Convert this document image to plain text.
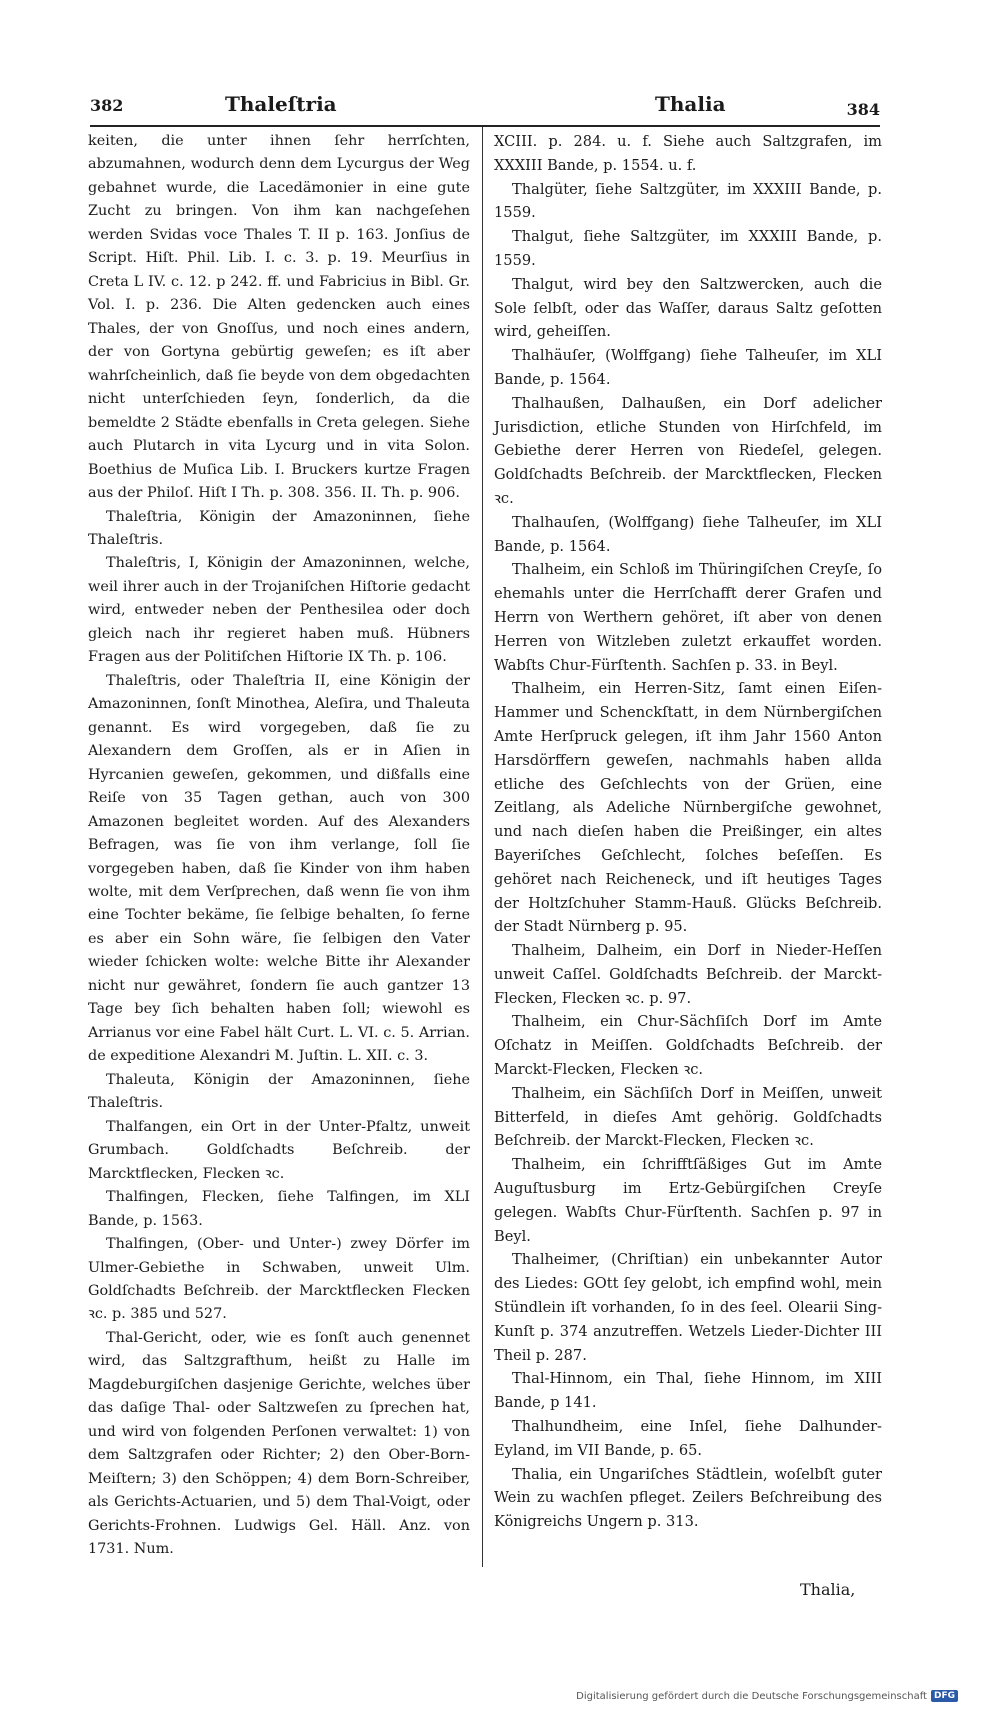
382	Thaleſtria	Thalia	384

keiten, die unter ihnen ſehr herrſchten, abzumahnen, wodurch denn dem Lycurgus der Weg gebahnet wurde, die Lacedämonier in eine gute Zucht zu bringen. Von ihm kan nachgeſehen werden Svidas voce Thales T. II p. 163. Jonſius de Script. Hiſt. Phil. Lib. I. c. 3. p. 19. Meurſius in Creta L IV. c. 12. p 242. ff. und Fabricius in Bibl. Gr. Vol. I. p. 236. Die Alten gedencken auch eines Thales, der von Gnoſſus, und noch eines andern, der von Gortyna gebürtig geweſen; es iſt aber wahrſcheinlich, daß ſie beyde von dem obgedachten nicht unterſchieden ſeyn, ſonderlich, da die bemeldte 2 Städte ebenfalls in Creta gelegen. Siehe auch Plutarch in vita Lycurg und in vita Solon. Boethius de Muſica Lib. I. Bruckers kurtze Fragen aus der Philoſ. Hiſt I Th. p. 308. 356. II. Th. p. 906.

Thaleſtria, Königin der Amazoninnen, ſiehe Thaleſtris.

Thaleſtris, I, Königin der Amazoninnen, welche, weil ihrer auch in der Trojaniſchen Hiſtorie gedacht wird, entweder neben der Penthesilea oder doch gleich nach ihr regieret haben muß. Hübners Fragen aus der Politiſchen Hiſtorie IX Th. p. 106.

Thaleſtris, oder Thaleſtria II, eine Königin der Amazoninnen, ſonſt Minothea, Aleſira, und Thaleuta genannt. Es wird vorgegeben, daß ſie zu Alexandern dem Groſſen, als er in Aſien in Hyrcanien geweſen, gekommen, und dißfalls eine Reiſe von 35 Tagen gethan, auch von 300 Amazonen begleitet worden. Auf des Alexanders Befragen, was ſie von ihm verlange, ſoll ſie vorgegeben haben, daß ſie Kinder von ihm haben wolte, mit dem Verſprechen, daß wenn ſie von ihm eine Tochter bekäme, ſie ſelbige behalten, ſo ferne es aber ein Sohn wäre, ſie ſelbigen den Vater wieder ſchicken wolte: welche Bitte ihr Alexander nicht nur gewähret, ſondern ſie auch gantzer 13 Tage bey ſich behalten haben ſoll; wiewohl es Arrianus vor eine Fabel hält Curt. L. VI. c. 5. Arrian. de expeditione Alexandri M. Juſtin. L. XII. c. 3.

Thaleuta, Königin der Amazoninnen, ſiehe Thaleſtris.

Thalfangen, ein Ort in der Unter-Pfaltz, unweit Grumbach. Goldſchadts Beſchreib. der Marcktflecken, Flecken ꝛc.

Thalfingen, Flecken, ſiehe Talfingen, im XLI Bande, p. 1563.

Thalfingen, (Ober- und Unter-) zwey Dörfer im Ulmer-Gebiethe in Schwaben, unweit Ulm. Goldſchadts Beſchreib. der Marcktflecken Flecken ꝛc. p. 385 und 527.

Thal-Gericht, oder, wie es ſonſt auch genennet wird, das Saltzgrafthum, heißt zu Halle im Magdeburgiſchen dasjenige Gerichte, welches über das daſige Thal- oder Saltzweſen zu ſprechen hat, und wird von folgenden Perſonen verwaltet: 1) von dem Saltzgrafen oder Richter; 2) den Ober-Born-Meiſtern; 3) den Schöppen; 4) dem Born-Schreiber, als Gerichts-Actuarien, und 5) dem Thal-Voigt, oder Gerichts-Frohnen. Ludwigs Gel. Häll. Anz. von 1731. Num.

XCIII. p. 284. u. f. Siehe auch Saltzgrafen, im XXXIII Bande, p. 1554. u. f.

Thalgüter, ſiehe Saltzgüter, im XXXIII Bande, p. 1559.

Thalgut, ſiehe Saltzgüter, im XXXIII Bande, p. 1559.

Thalgut, wird bey den Saltzwercken, auch die Sole ſelbſt, oder das Waſſer, daraus Saltz geſotten wird, geheiſſen.

Thalhäuſer, (Wolffgang) ſiehe Talheuſer, im XLI Bande, p. 1564.

Thalhaußen, Dalhaußen, ein Dorf adelicher Jurisdiction, etliche Stunden von Hirſchfeld, im Gebiethe derer Herren von Riedeſel, gelegen. Goldſchadts Beſchreib. der Marcktflecken, Flecken ꝛc.

Thalhauſen, (Wolffgang) ſiehe Talheuſer, im XLI Bande, p. 1564.

Thalheim, ein Schloß im Thüringiſchen Creyſe, ſo ehemahls unter die Herrſchafft derer Grafen und Herrn von Werthern gehöret, iſt aber von denen Herren von Witzleben zuletzt erkauffet worden. Wabſts Chur-Fürſtenth. Sachſen p. 33. in Beyl.

Thalheim, ein Herren-Sitz, ſamt einen Eiſen-Hammer und Schenckſtatt, in dem Nürnbergiſchen Amte Herſpruck gelegen, iſt ihm Jahr 1560 Anton Harsdörffern geweſen, nachmahls haben allda etliche des Geſchlechts von der Grüen, eine Zeitlang, als Adeliche Nürnbergiſche gewohnet, und nach dieſen haben die Preißinger, ein altes Bayeriſches Geſchlecht, ſolches beſeſſen. Es gehöret nach Reicheneck, und iſt heutiges Tages der Holtzſchuher Stamm-Hauß. Glücks Beſchreib. der Stadt Nürnberg p. 95.

Thalheim, Dalheim, ein Dorf in Nieder-Heſſen unweit Caſſel. Goldſchadts Beſchreib. der Marckt-Flecken, Flecken ꝛc. p. 97.

Thalheim, ein Chur-Sächſiſch Dorf im Amte Oſchatz in Meiſſen. Goldſchadts Beſchreib. der Marckt-Flecken, Flecken ꝛc.

Thalheim, ein Sächſiſch Dorf in Meiſſen, unweit Bitterfeld, in dieſes Amt gehörig. Goldſchadts Beſchreib. der Marckt-Flecken, Flecken ꝛc.

Thalheim, ein ſchrifftſäßiges Gut im Amte Auguſtusburg im Ertz-Gebürgiſchen Creyſe gelegen. Wabſts Chur-Fürſtenth. Sachſen p. 97 in Beyl.

Thalheimer, (Chriſtian) ein unbekannter Autor des Liedes: GOtt ſey gelobt, ich empfind wohl, mein Stündlein iſt vorhanden, ſo in des ſeel. Olearii Sing-Kunſt p. 374 anzutreffen. Wetzels Lieder-Dichter III Theil p. 287.

Thal-Hinnom, ein Thal, ſiehe Hinnom, im XIII Bande, p 141.

Thalhundheim, eine Inſel, ſiehe Dalhunder-Eyland, im VII Bande, p. 65.

Thalia, ein Ungariſches Städtlein, woſelbſt guter Wein zu wachſen pfleget. Zeilers Beſchreibung des Königreichs Ungern p. 313.

Thalia,
Digitalisierung gefördert durch die Deutsche Forschungsgemeinschaft DFG
